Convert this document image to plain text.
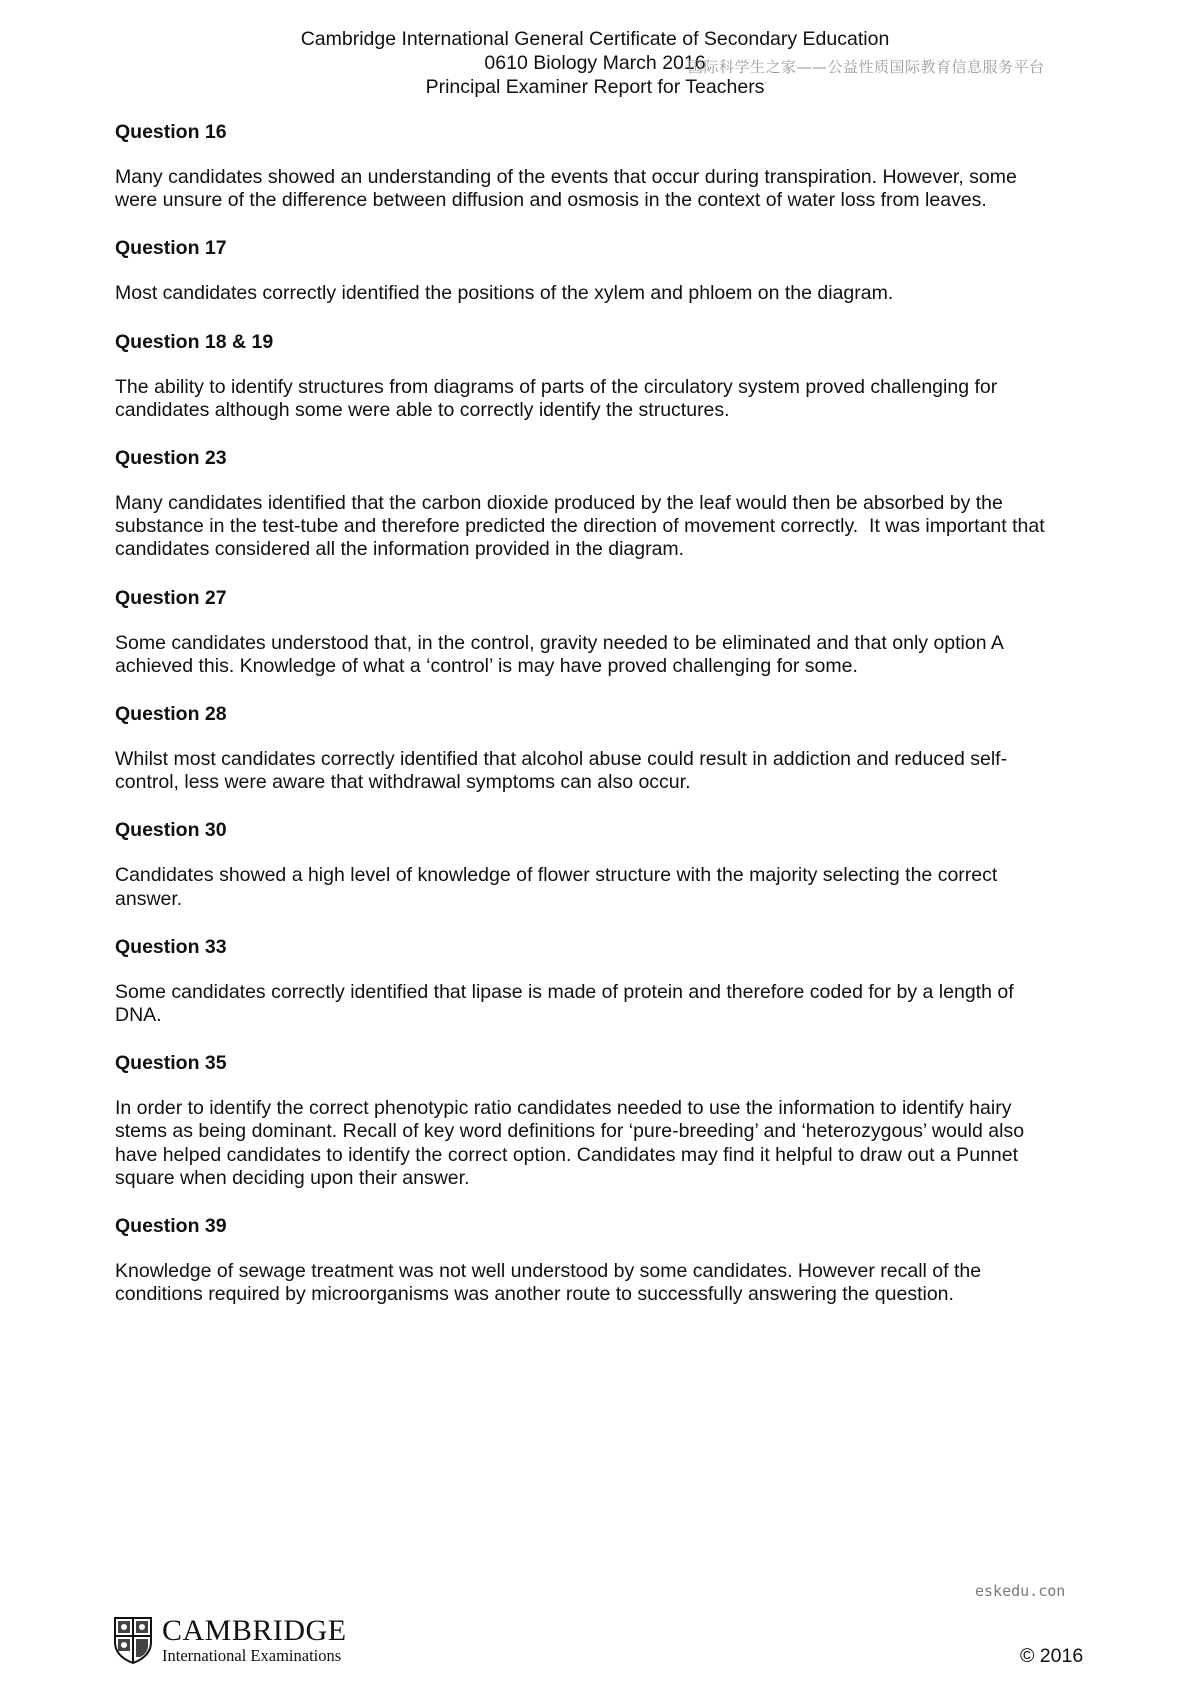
Cambridge International General Certificate of Secondary Education
0610 Biology March 2016
Principal Examiner Report for Teachers
国际科学生之家——公益性质国际教育信息服务平台
Question 16

Many candidates showed an understanding of the events that occur during transpiration. However, some
were unsure of the difference between diffusion and osmosis in the context of water loss from leaves.

Question 17

Most candidates correctly identified the positions of the xylem and phloem on the diagram.

Question 18 & 19

The ability to identify structures from diagrams of parts of the circulatory system proved challenging for
candidates although some were able to correctly identify the structures.

Question 23

Many candidates identified that the carbon dioxide produced by the leaf would then be absorbed by the
substance in the test-tube and therefore predicted the direction of movement correctly.  It was important that
candidates considered all the information provided in the diagram.

Question 27

Some candidates understood that, in the control, gravity needed to be eliminated and that only option A
achieved this. Knowledge of what a ‘control’ is may have proved challenging for some.

Question 28

Whilst most candidates correctly identified that alcohol abuse could result in addiction and reduced self-
control, less were aware that withdrawal symptoms can also occur.

Question 30

Candidates showed a high level of knowledge of flower structure with the majority selecting the correct
answer.

Question 33

Some candidates correctly identified that lipase is made of protein and therefore coded for by a length of
DNA.

Question 35

In order to identify the correct phenotypic ratio candidates needed to use the information to identify hairy
stems as being dominant. Recall of key word definitions for ‘pure-breeding’ and ‘heterozygous’ would also
have helped candidates to identify the correct option. Candidates may find it helpful to draw out a Punnet
square when deciding upon their answer.

Question 39

Knowledge of sewage treatment was not well understood by some candidates. However recall of the
conditions required by microorganisms was another route to successfully answering the question.

eskedu.con
CAMBRIDGE
International Examinations	© 2016
